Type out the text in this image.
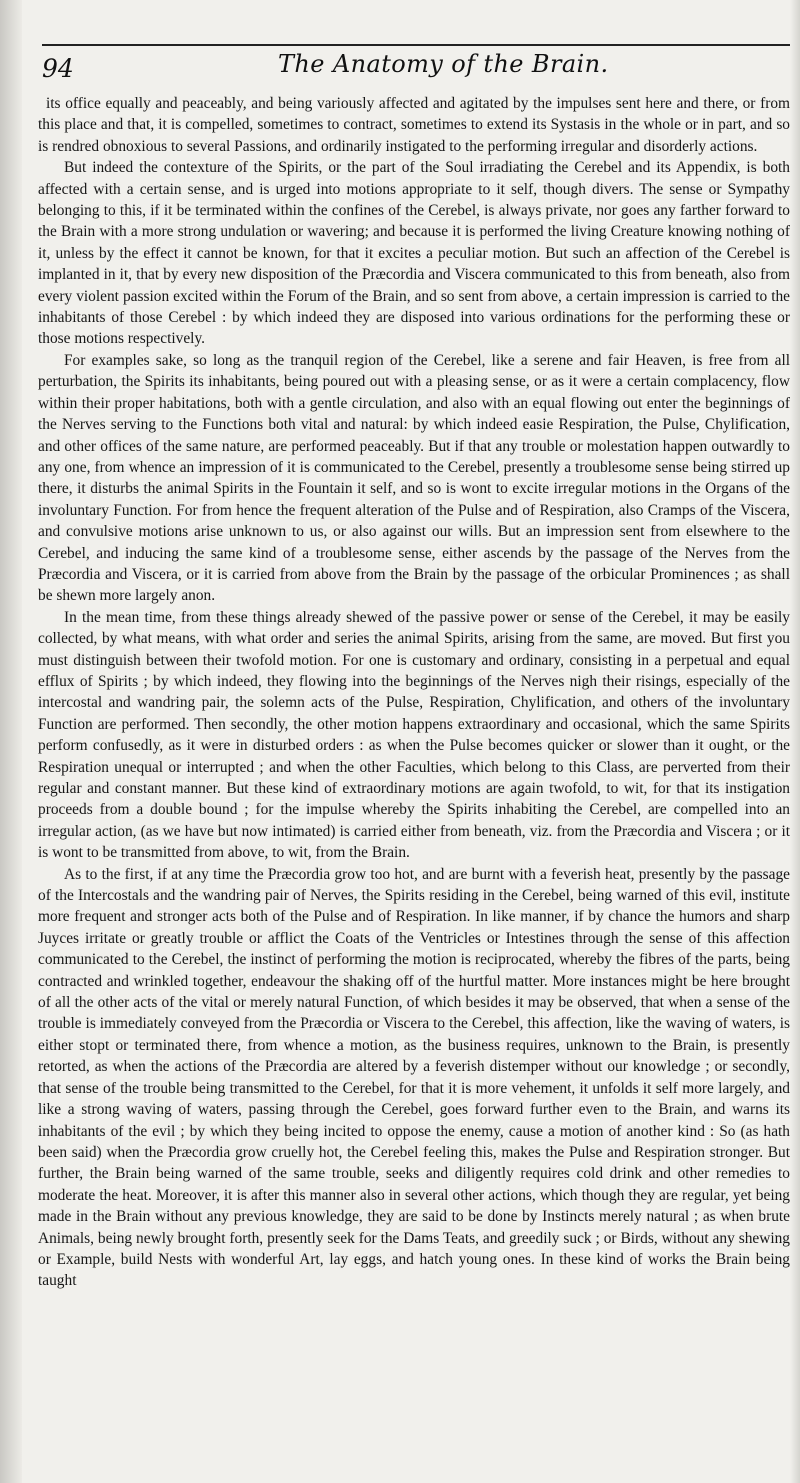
94	The Anatomy of the Brain.

its office equally and peaceably, and being variously affected and agitated by the impulses sent here and there, or from this place and that, it is compelled, sometimes to contract, sometimes to extend its Systasis in the whole or in part, and so is rendred obnoxious to several Passions, and ordinarily instigated to the performing irregular and disorderly actions.

But indeed the contexture of the Spirits, or the part of the Soul irradiating the Cerebel and its Appendix, is both affected with a certain sense, and is urged into motions appropriate to it self, though divers. The sense or Sympathy belonging to this, if it be terminated within the confines of the Cerebel, is always private, nor goes any farther forward to the Brain with a more strong undulation or wavering; and because it is performed the living Creature knowing nothing of it, unless by the effect it cannot be known, for that it excites a peculiar motion. But such an affection of the Cerebel is implanted in it, that by every new disposition of the Præcordia and Viscera communicated to this from beneath, also from every violent passion excited within the Forum of the Brain, and so sent from above, a certain impression is carried to the inhabitants of those Cerebel : by which indeed they are disposed into various ordinations for the performing these or those motions respectively.

For examples sake, so long as the tranquil region of the Cerebel, like a serene and fair Heaven, is free from all perturbation, the Spirits its inhabitants, being poured out with a pleasing sense, or as it were a certain complacency, flow within their proper habitations, both with a gentle circulation, and also with an equal flowing out enter the beginnings of the Nerves serving to the Functions both vital and natural: by which indeed easie Respiration, the Pulse, Chylification, and other offices of the same nature, are performed peaceably. But if that any trouble or molestation happen outwardly to any one, from whence an impression of it is communicated to the Cerebel, presently a troublesome sense being stirred up there, it disturbs the animal Spirits in the Fountain it self, and so is wont to excite irregular motions in the Organs of the involuntary Function. For from hence the frequent alteration of the Pulse and of Respiration, also Cramps of the Viscera, and convulsive motions arise unknown to us, or also against our wills. But an impression sent from elsewhere to the Cerebel, and inducing the same kind of a troublesome sense, either ascends by the passage of the Nerves from the Præcordia and Viscera, or it is carried from above from the Brain by the passage of the orbicular Prominences ; as shall be shewn more largely anon.

In the mean time, from these things already shewed of the passive power or sense of the Cerebel, it may be easily collected, by what means, with what order and series the animal Spirits, arising from the same, are moved. But first you must distinguish between their twofold motion. For one is customary and ordinary, consisting in a perpetual and equal efflux of Spirits ; by which indeed, they flowing into the beginnings of the Nerves nigh their risings, especially of the intercostal and wandring pair, the solemn acts of the Pulse, Respiration, Chylification, and others of the involuntary Function are performed. Then secondly, the other motion happens extraordinary and occasional, which the same Spirits perform confusedly, as it were in disturbed orders : as when the Pulse becomes quicker or slower than it ought, or the Respiration unequal or interrupted ; and when the other Faculties, which belong to this Class, are perverted from their regular and constant manner. But these kind of extraordinary motions are again twofold, to wit, for that its instigation proceeds from a double bound ; for the impulse whereby the Spirits inhabiting the Cerebel, are compelled into an irregular action, (as we have but now intimated) is carried either from beneath, viz. from the Præcordia and Viscera ; or it is wont to be transmitted from above, to wit, from the Brain.

As to the first, if at any time the Præcordia grow too hot, and are burnt with a feverish heat, presently by the passage of the Intercostals and the wandring pair of Nerves, the Spirits residing in the Cerebel, being warned of this evil, institute more frequent and stronger acts both of the Pulse and of Respiration. In like manner, if by chance the humors and sharp Juyces irritate or greatly trouble or afflict the Coats of the Ventricles or Intestines through the sense of this affection communicated to the Cerebel, the instinct of performing the motion is reciprocated, whereby the fibres of the parts, being contracted and wrinkled together, endeavour the shaking off of the hurtful matter. More instances might be here brought of all the other acts of the vital or merely natural Function, of which besides it may be observed, that when a sense of the trouble is immediately conveyed from the Præcordia or Viscera to the Cerebel, this affection, like the waving of waters, is either stopt or terminated there, from whence a motion, as the business requires, unknown to the Brain, is presently retorted, as when the actions of the Præcordia are altered by a feverish distemper without our knowledge ; or secondly, that sense of the trouble being transmitted to the Cerebel, for that it is more vehement, it unfolds it self more largely, and like a strong waving of waters, passing through the Cerebel, goes forward further even to the Brain, and warns its inhabitants of the evil ; by which they being incited to oppose the enemy, cause a motion of another kind : So (as hath been said) when the Præcordia grow cruelly hot, the Cerebel feeling this, makes the Pulse and Respiration stronger. But further, the Brain being warned of the same trouble, seeks and diligently requires cold drink and other remedies to moderate the heat. Moreover, it is after this manner also in several other actions, which though they are regular, yet being made in the Brain without any previous knowledge, they are said to be done by Instincts merely natural ; as when brute Animals, being newly brought forth, presently seek for the Dams Teats, and greedily suck ; or Birds, without any shewing or Example, build Nests with wonderful Art, lay eggs, and hatch young ones. In these kind of works the Brain being taught
